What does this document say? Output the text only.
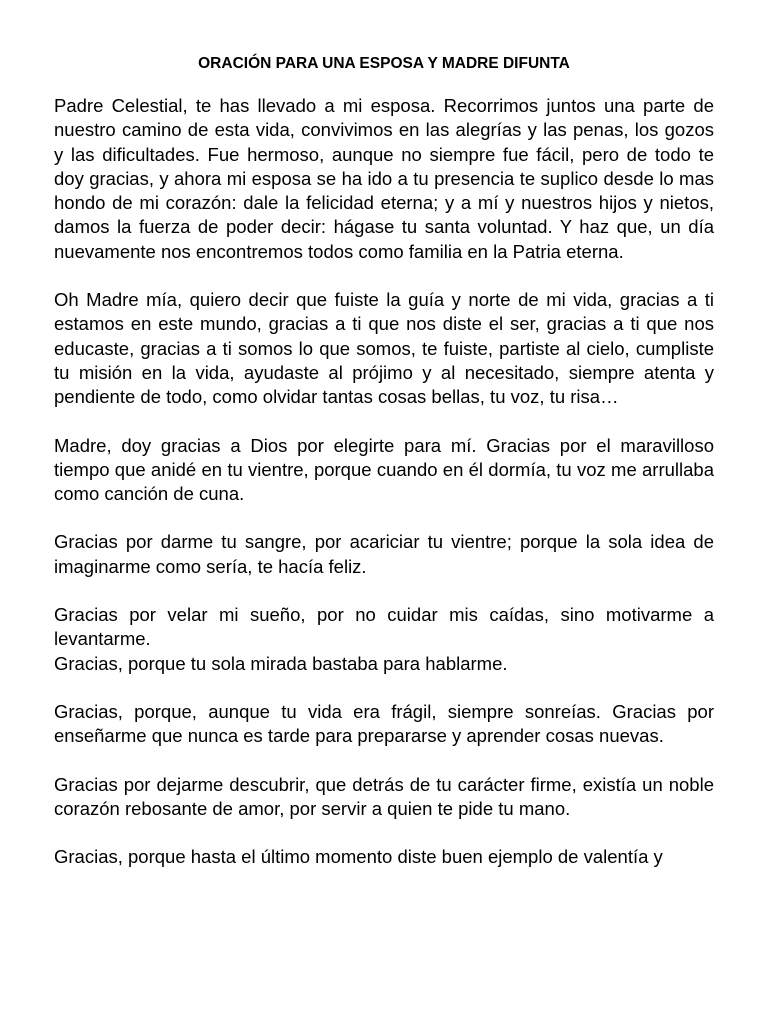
ORACIÓN PARA UNA ESPOSA Y MADRE DIFUNTA
Padre Celestial, te has llevado a mi esposa. Recorrimos juntos una parte de nuestro camino de esta vida, convivimos en las alegrías y las penas, los gozos y las dificultades. Fue hermoso, aunque no siempre fue fácil, pero de todo te doy gracias, y ahora mi esposa se ha ido a tu presencia te suplico desde lo mas hondo de mi corazón: dale la felicidad eterna; y a mí y nuestros hijos y nietos, damos la fuerza de poder decir: hágase tu santa voluntad. Y haz que, un día nuevamente nos encontremos todos como familia en la Patria eterna.
Oh Madre mía, quiero decir que fuiste la guía y norte de mi vida, gracias a ti estamos en este mundo, gracias a ti que nos diste el ser, gracias a ti que nos educaste, gracias a ti somos lo que somos, te fuiste, partiste al cielo, cumpliste tu misión en la vida, ayudaste al prójimo y al necesitado, siempre atenta y pendiente de todo, como olvidar tantas cosas bellas, tu voz, tu risa…
Madre, doy gracias a Dios por elegirte para mí. Gracias por el maravilloso tiempo que anidé en tu vientre, porque cuando en él dormía, tu voz me arrullaba como canción de cuna.
Gracias por darme tu sangre, por acariciar tu vientre; porque la sola idea de imaginarme como sería, te hacía feliz.
Gracias por velar mi sueño, por no cuidar mis caídas, sino motivarme a levantarme.
Gracias, porque tu sola mirada bastaba para hablarme.
Gracias, porque, aunque tu vida era frágil, siempre sonreías. Gracias por enseñarme que nunca es tarde para prepararse y aprender cosas nuevas.
Gracias por dejarme descubrir, que detrás de tu carácter firme, existía un noble corazón rebosante de amor, por servir a quien te pide tu mano.
Gracias, porque hasta el último momento diste buen ejemplo de valentía y
